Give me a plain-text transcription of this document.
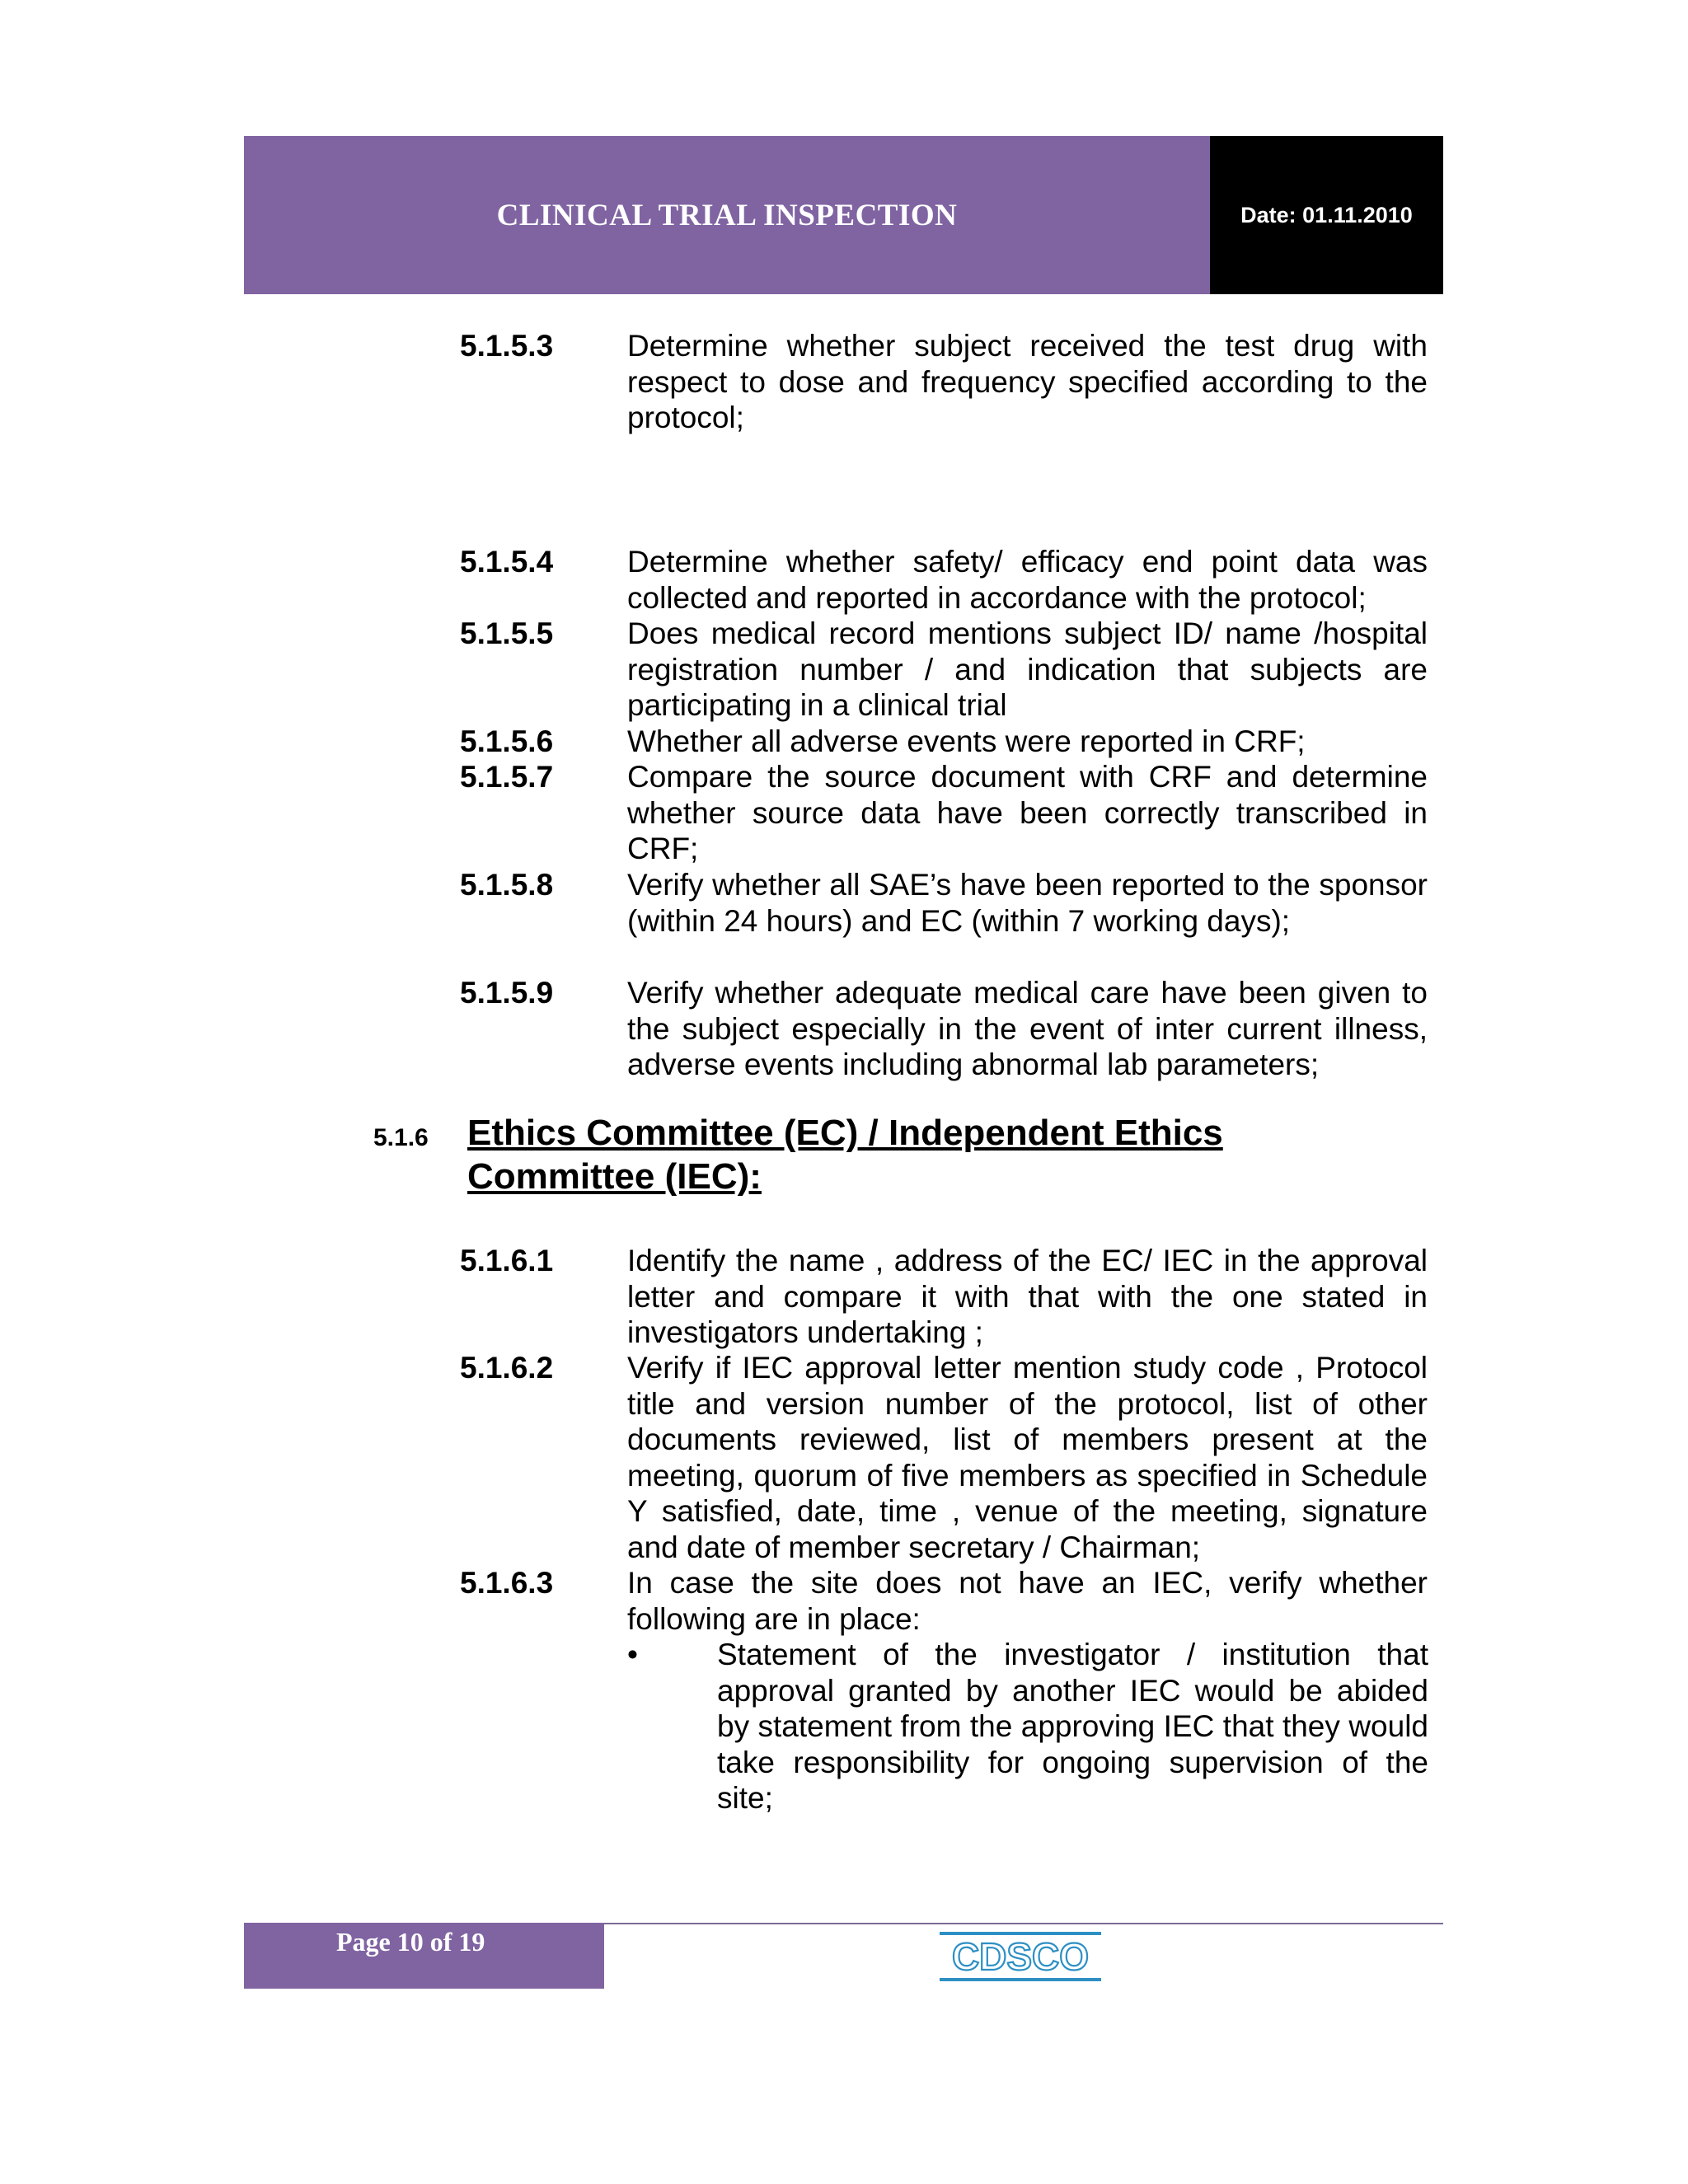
CLINICAL TRIAL INSPECTION	Date: 01.11.2010
5.1.5.3 Determine whether subject received the test drug with respect to dose and frequency specified according to the protocol;
5.1.5.4 Determine whether safety/ efficacy end point data was collected and reported in accordance with the protocol;
5.1.5.5 Does medical record mentions subject ID/ name /hospital registration number / and indication that subjects are participating in a clinical trial
5.1.5.6 Whether all adverse events were reported in CRF;
5.1.5.7 Compare the source document with CRF and determine whether source data have been correctly transcribed in CRF;
5.1.5.8 Verify whether all SAE’s have been reported to the sponsor (within 24 hours) and EC (within 7 working days);
5.1.5.9 Verify whether adequate medical care have been given to the subject especially in the event of inter current illness, adverse events including abnormal lab parameters;
5.1.6 Ethics Committee (EC) / Independent Ethics Committee (IEC):
5.1.6.1 Identify the name , address of the EC/ IEC in the approval letter and compare it with that with the one stated in investigators undertaking ;
5.1.6.2 Verify if IEC approval letter mention study code , Protocol title and version number of the protocol, list of other documents reviewed, list of members present at the meeting, quorum of five members as specified in Schedule Y satisfied, date, time , venue of the meeting, signature and date of member secretary / Chairman;
5.1.6.3 In case the site does not have an IEC, verify whether following are in place:
•	Statement of the investigator / institution that approval granted by another IEC would be abided by statement from the approving IEC that they would take responsibility for ongoing supervision of the site;
Page 10 of 19	CDSCO
